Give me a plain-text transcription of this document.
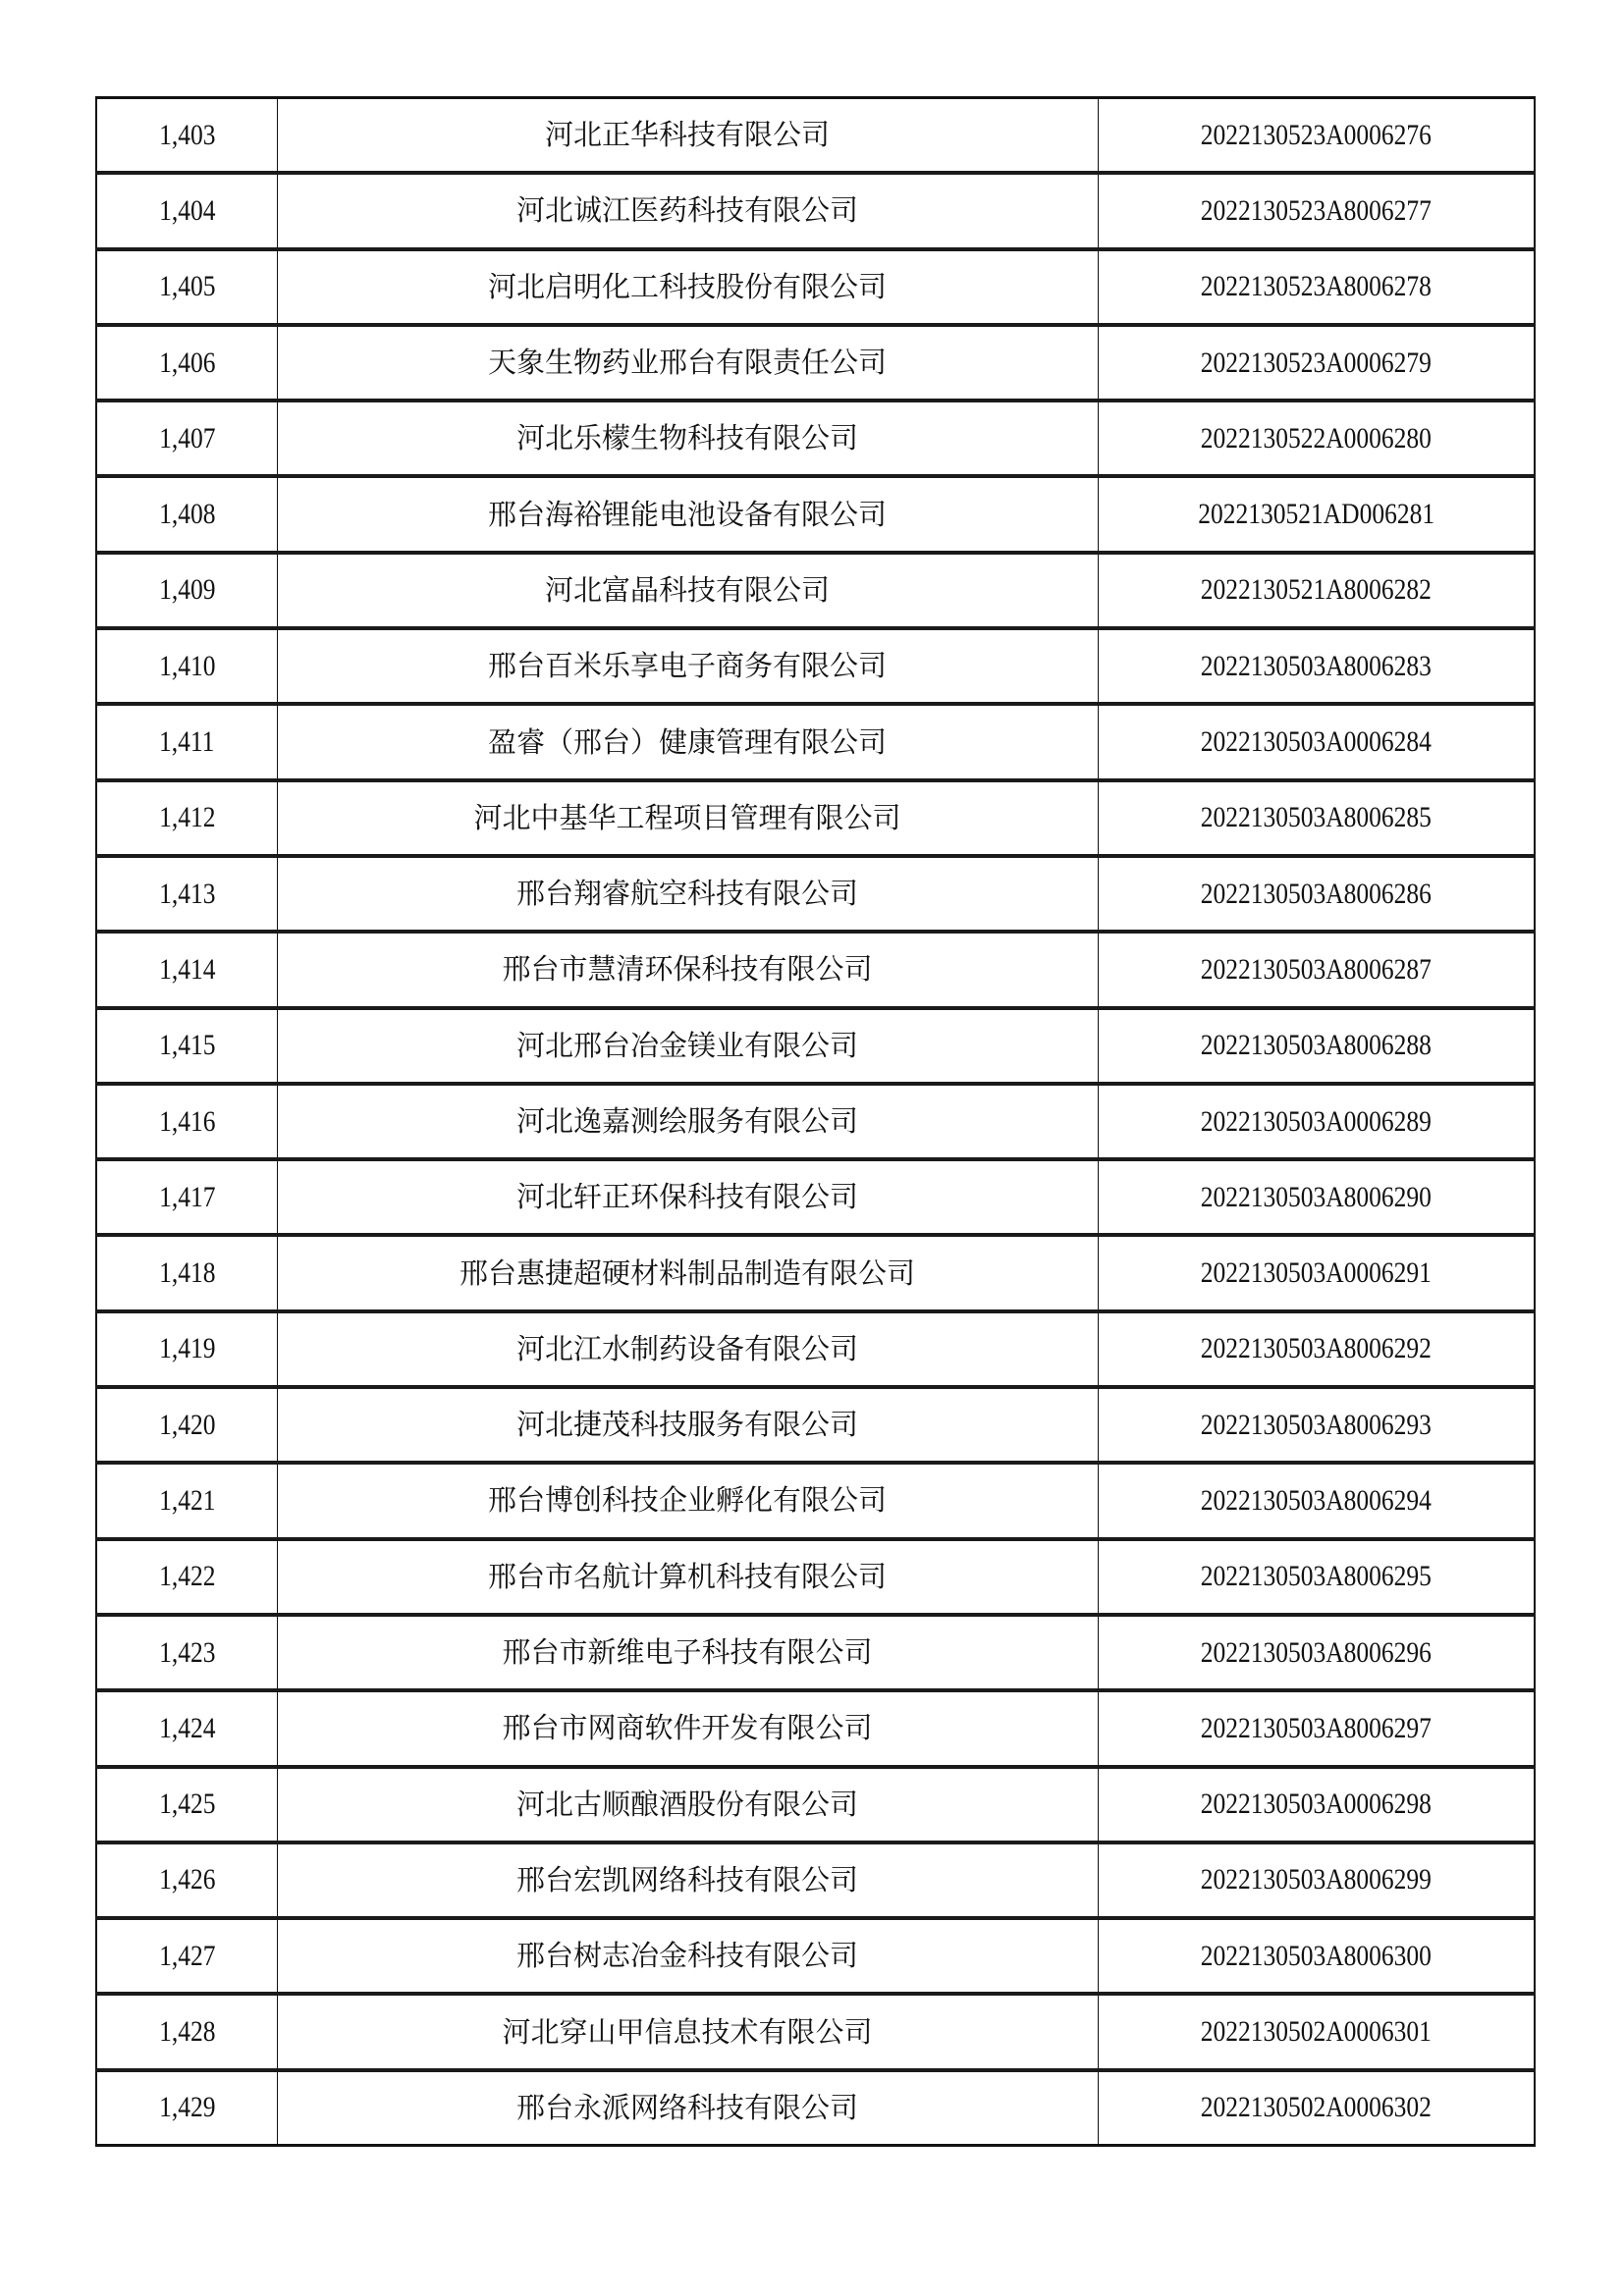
1,403	河北正华科技有限公司	2022130523A0006276
1,404	河北诚江医药科技有限公司	2022130523A8006277
1,405	河北启明化工科技股份有限公司	2022130523A8006278
1,406	天象生物药业邢台有限责任公司	2022130523A0006279
1,407	河北乐檬生物科技有限公司	2022130522A0006280
1,408	邢台海裕锂能电池设备有限公司	2022130521AD006281
1,409	河北富晶科技有限公司	2022130521A8006282
1,410	邢台百米乐享电子商务有限公司	2022130503A8006283
1,411	盈睿（邢台）健康管理有限公司	2022130503A0006284
1,412	河北中基华工程项目管理有限公司	2022130503A8006285
1,413	邢台翔睿航空科技有限公司	2022130503A8006286
1,414	邢台市慧清环保科技有限公司	2022130503A8006287
1,415	河北邢台冶金镁业有限公司	2022130503A8006288
1,416	河北逸嘉测绘服务有限公司	2022130503A0006289
1,417	河北轩正环保科技有限公司	2022130503A8006290
1,418	邢台惠捷超硬材料制品制造有限公司	2022130503A0006291
1,419	河北江水制药设备有限公司	2022130503A8006292
1,420	河北捷茂科技服务有限公司	2022130503A8006293
1,421	邢台博创科技企业孵化有限公司	2022130503A8006294
1,422	邢台市名航计算机科技有限公司	2022130503A8006295
1,423	邢台市新维电子科技有限公司	2022130503A8006296
1,424	邢台市网商软件开发有限公司	2022130503A8006297
1,425	河北古顺酿酒股份有限公司	2022130503A0006298
1,426	邢台宏凯网络科技有限公司	2022130503A8006299
1,427	邢台树志冶金科技有限公司	2022130503A8006300
1,428	河北穿山甲信息技术有限公司	2022130502A0006301
1,429	邢台永派网络科技有限公司	2022130502A0006302
